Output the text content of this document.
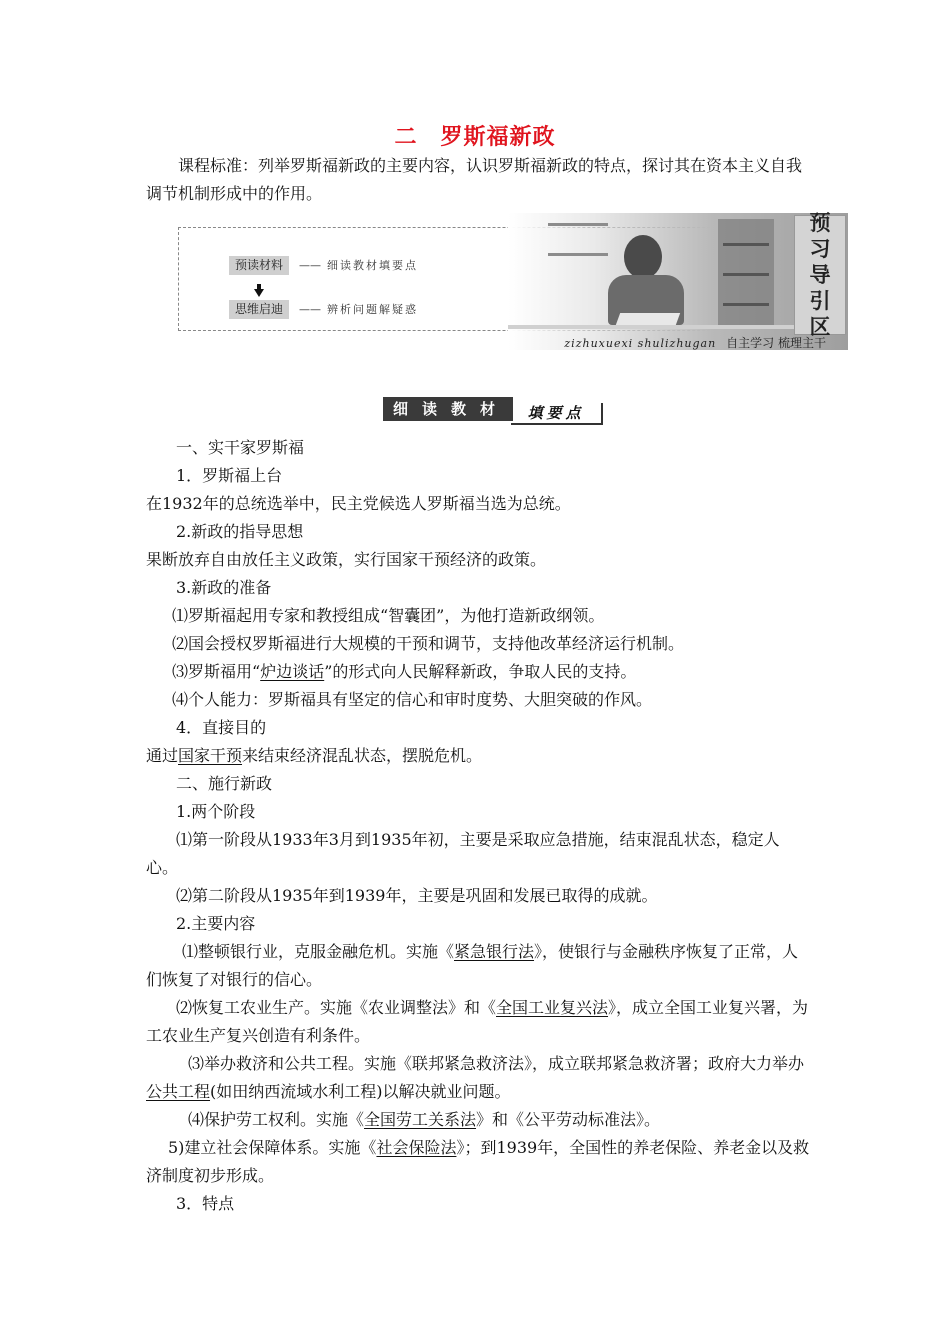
二　罗斯福新政
课程标准：列举罗斯福新政的主要内容，认识罗斯福新政的特点，探讨其在资本主义自我调节机制形成中的作用。
预读材料	—— 细读教材填要点
思维启迪	—— 辨析问题解疑惑
预
习
导
引
区
zizhuxuexi shulizhugan 自主学习 梳理主干
细读教材	填要点
一、实干家罗斯福
1．罗斯福上台
在1932年的总统选举中，民主党候选人罗斯福当选为总统。
2.新政的指导思想
果断放弃自由放任主义政策，实行国家干预经济的政策。
3.新政的准备
⑴罗斯福起用专家和教授组成“智囊团”，为他打造新政纲领。
⑵国会授权罗斯福进行大规模的干预和调节，支持他改革经济运行机制。
⑶罗斯福用“炉边谈话”的形式向人民解释新政，争取人民的支持。
⑷个人能力：罗斯福具有坚定的信心和审时度势、大胆突破的作风。
4．直接目的
通过国家干预来结束经济混乱状态，摆脱危机。
二、施行新政
1.两个阶段
⑴第一阶段从1933年3月到1935年初，主要是采取应急措施，结束混乱状态，稳定人心。
⑵第二阶段从1935年到1939年，主要是巩固和发展已取得的成就。
2.主要内容
⑴整顿银行业，克服金融危机。实施《紧急银行法》，使银行与金融秩序恢复了正常，人们恢复了对银行的信心。
⑵恢复工农业生产。实施《农业调整法》和《全国工业复兴法》，成立全国工业复兴署，为工农业生产复兴创造有利条件。
⑶举办救济和公共工程。实施《联邦紧急救济法》，成立联邦紧急救济署；政府大力举办公共工程(如田纳西流域水利工程)以解决就业问题。
⑷保护劳工权利。实施《全国劳工关系法》和《公平劳动标准法》。
5)建立社会保障体系。实施《社会保险法》；到1939年，全国性的养老保险、养老金以及救济制度初步形成。
3．特点
